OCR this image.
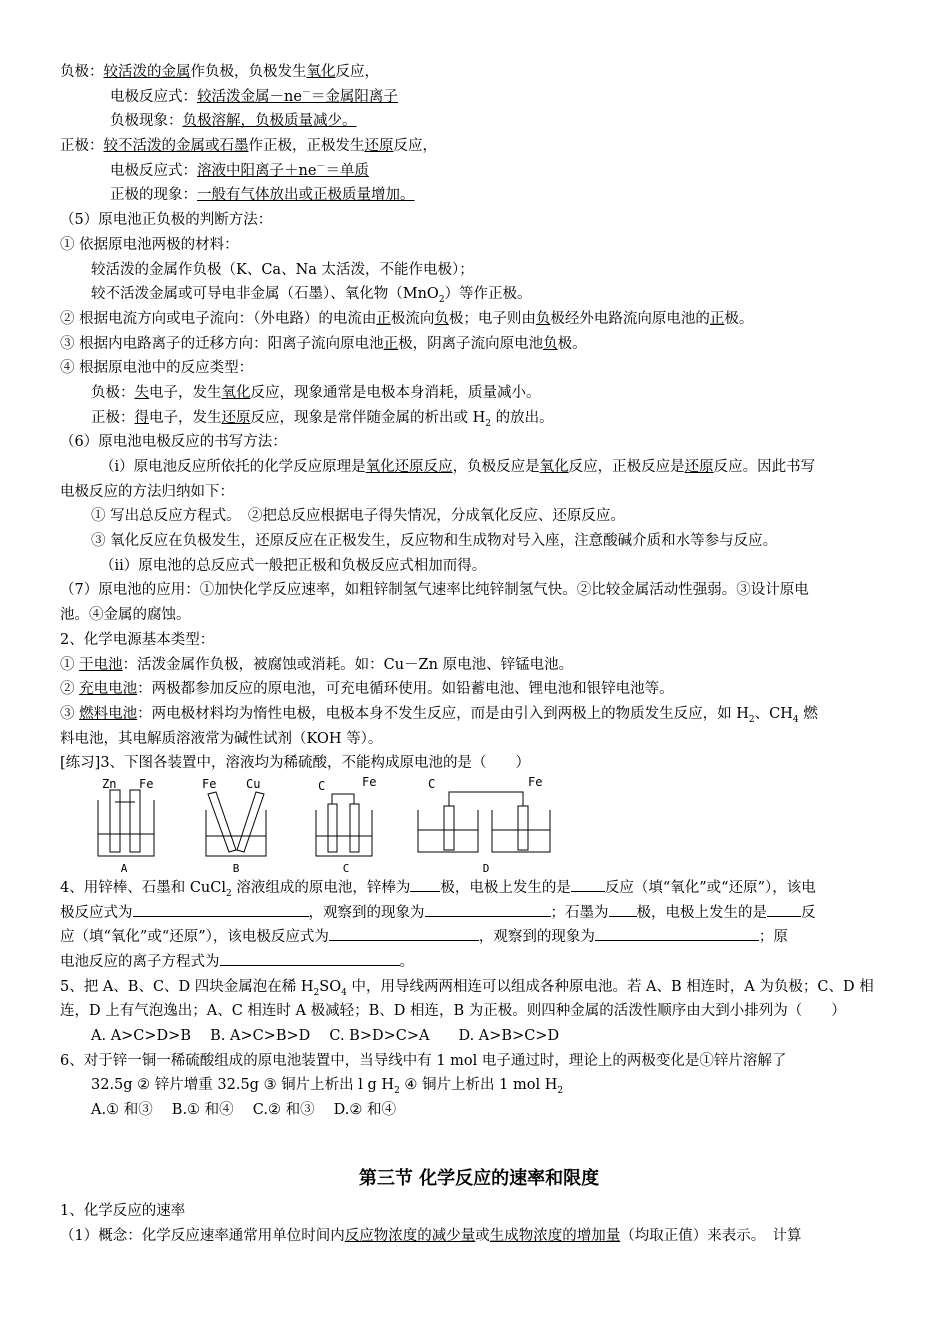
负极：较活泼的金属作负极，负极发生氧化反应，
电极反应式：较活泼金属－ne－＝金属阳离子
负极现象：负极溶解，负极质量减少。
正极：较不活泼的金属或石墨作正极，正极发生还原反应，
电极反应式：溶液中阳离子＋ne－＝单质
正极的现象：一般有气体放出或正极质量增加。
（5）原电池正负极的判断方法：
① 依据原电池两极的材料：
较活泼的金属作负极（K、Ca、Na 太活泼，不能作电极）；
较不活泼金属或可导电非金属（石墨）、氧化物（MnO$_2$）等作正极。
② 根据电流方向或电子流向：（外电路）的电流由正极流向负极；电子则由负极经外电路流向原电池的正极。
③ 根据内电路离子的迁移方向：阳离子流向原电池正极，阴离子流向原电池负极。
④ 根据原电池中的反应类型：
负极：失电子，发生氧化反应，现象通常是电极本身消耗，质量减小。
正极：得电子，发生还原反应，现象是常伴随金属的析出或 $H_2$ 的放出。
（6）原电池电极反应的书写方法：
（i）原电池反应所依托的化学反应原理是氧化还原反应，负极反应是氧化反应，正极反应是还原反应。因此书写
电极反应的方法归纳如下：
① 写出总反应方程式。　②把总反应根据电子得失情况，分成氧化反应、还原反应。
③ 氧化反应在负极发生，还原反应在正极发生，反应物和生成物对号入座，注意酸碱介质和水等参与反应。
（ii）原电池的总反应式一般把正极和负极反应式相加而得。
（7）原电池的应用：①加快化学反应速率，如粗锌制氢气速率比纯锌制氢气快。②比较金属活动性强弱。③设计原电
池。④金属的腐蚀。
2、化学电源基本类型：
① 干电池：活泼金属作负极，被腐蚀或消耗。如：Cu－Zn 原电池、锌锰电池。
② 充电电池：两极都参加反应的原电池，可充电循环使用。如铅蓄电池、锂电池和银锌电池等。
③ 燃料电池：两电极材料均为惰性电极，电极本身不发生反应，而是由引入到两极上的物质发生反应，如 $H_2$、$CH_4$ 燃
料电池，其电解质溶液常为碱性试剂（KOH 等）。
[练习]3、下图各装置中，溶液均为稀硫酸，不能构成原电池的是（　　）
Zn Fe
A
Fe Cu
B
C	Fe
C
C	Fe
D
4、用锌棒、石墨和 CuCl$_2$ 溶液组成的原电池，锌棒为 极，电极上发生的是 反应（填“氧化”或“还原”），该电
极反应式为	，观察到的现象为	；石墨为 极，电极上发生的是 反
应（填“氧化”或“还原”），该电极反应式为	，观察到的现象为	；原
电池反应的离子方程式为	。
5、把 A、B、C、D 四块金属泡在稀 $H_2SO_4$ 中，用导线两两相连可以组成各种原电池。若 A、B 相连时，A 为负极；C、D 相
连，D 上有气泡逸出；A、C 相连时 A 极减轻；B、D 相连，B 为正极。则四种金属的活泼性顺序由大到小排列为（　　）
A. A>C>D>B　 B. A>C>B>D　 C. B>D>C>A　　D. A>B>C>D
6、对于锌一铜一稀硫酸组成的原电池装置中，当导线中有 1 mol 电子通过时，理论上的两极变化是①锌片溶解了
32.5g ② 锌片增重 32.5g ③ 铜片上析出 l g $H_2$ ④ 铜片上析出 1 mol $H_2$
A.① 和③　 B.① 和④　 C.② 和③　 D.② 和④
第三节 化学反应的速率和限度
1、化学反应的速率
（1）概念：化学反应速率通常用单位时间内反应物浓度的减少量或生成物浓度的增加量（均取正值）来表示。　计算
